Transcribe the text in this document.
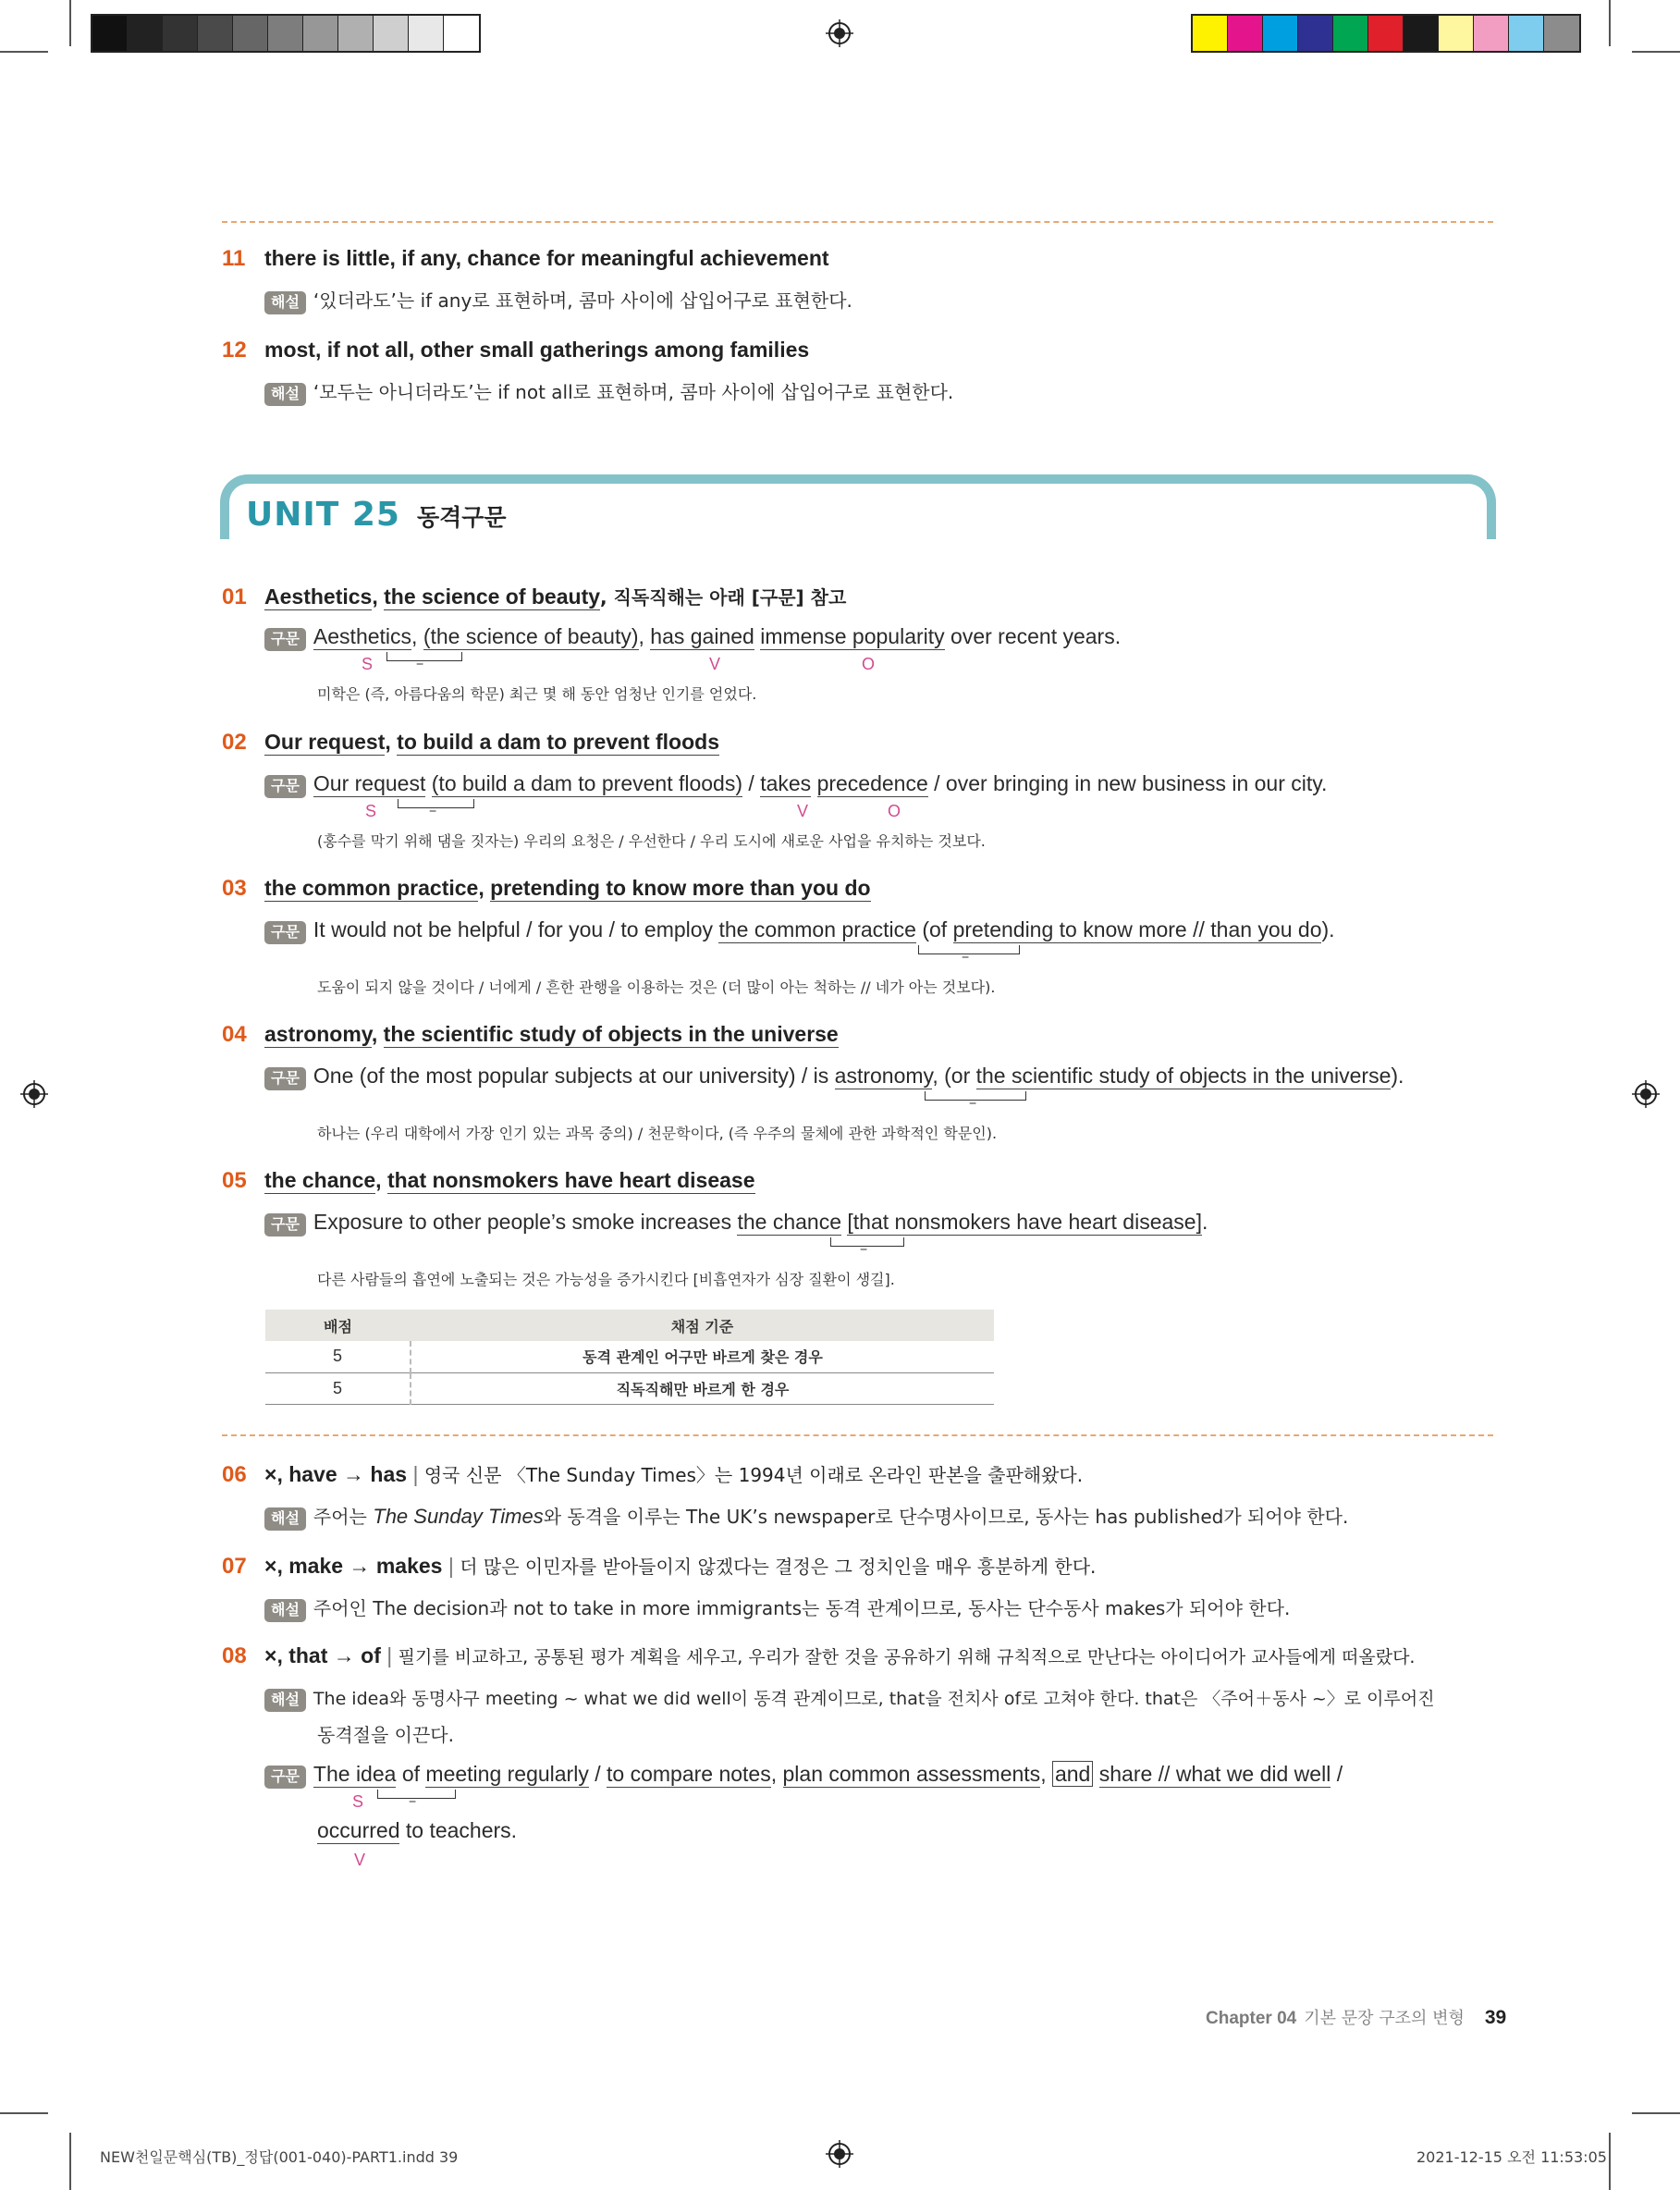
11 there is little, if any, chance for meaningful achievement
해설 ‘있더라도’는 if any로 표현하며, 콤마 사이에 삽입어구로 표현한다.
12 most, if not all, other small gatherings among families
해설 ‘모두는 아니더라도’는 if not all로 표현하며, 콤마 사이에 삽입어구로 표현한다.
UNIT 25 동격구문
01 Aesthetics, the science of beauty, 직독직해는 아래 [구문] 참고
구문 Aesthetics, (the science of beauty), has gained immense popularity over recent years.
S	=	V	O
미학은 (즉, 아름다움의 학문) 최근 몇 해 동안 엄청난 인기를 얻었다.
02 Our request, to build a dam to prevent floods
구문 Our request (to build a dam to prevent floods) / takes precedence / over bringing in new business in our city.
S	=	V	O
(홍수를 막기 위해 댐을 짓자는) 우리의 요청은 / 우선한다 / 우리 도시에 새로운 사업을 유치하는 것보다.
03 the common practice, pretending to know more than you do
구문 It would not be helpful / for you / to employ the common practice (of pretending to know more // than you do).
=
도움이 되지 않을 것이다 / 너에게 / 흔한 관행을 이용하는 것은 (더 많이 아는 척하는 // 네가 아는 것보다).
04 astronomy, the scientific study of objects in the universe
구문 One (of the most popular subjects at our university) / is astronomy, (or the scientific study of objects in the universe).
=
하나는 (우리 대학에서 가장 인기 있는 과목 중의) / 천문학이다, (즉 우주의 물체에 관한 과학적인 학문인).
05 the chance, that nonsmokers have heart disease
구문 Exposure to other people’s smoke increases the chance [that nonsmokers have heart disease].
=
다른 사람들의 흡연에 노출되는 것은 가능성을 증가시킨다 [비흡연자가 심장 질환이 생길].
배점	채점 기준
5	동격 관계인 어구만 바르게 찾은 경우
5	직독직해만 바르게 한 경우
06 ×, have → has | 영국 신문 〈The Sunday Times〉는 1994년 이래로 온라인 판본을 출판해왔다.
해설 주어는 The Sunday Times와 동격을 이루는 The UK’s newspaper로 단수명사이므로, 동사는 has published가 되어야 한다.
07 ×, make → makes | 더 많은 이민자를 받아들이지 않겠다는 결정은 그 정치인을 매우 흥분하게 한다.
해설 주어인 The decision과 not to take in more immigrants는 동격 관계이므로, 동사는 단수동사 makes가 되어야 한다.
08 ×, that → of | 필기를 비교하고, 공통된 평가 계획을 세우고, 우리가 잘한 것을 공유하기 위해 규칙적으로 만난다는 아이디어가 교사들에게 떠올랐다.
해설 The idea와 동명사구 meeting ~ what we did well이 동격 관계이므로, that을 전치사 of로 고쳐야 한다. that은 〈주어＋동사 ~〉로 이루어진
동격절을 이끈다.
구문 The idea of meeting regularly / to compare notes, plan common assessments, and share // what we did well /
S	=
occurred to teachers.
V
Chapter 04 기본 문장 구조의 변형 39
NEW천일문핵심(TB)_정답(001-040)-PART1.indd 39	2021-12-15 오전 11:53:05
